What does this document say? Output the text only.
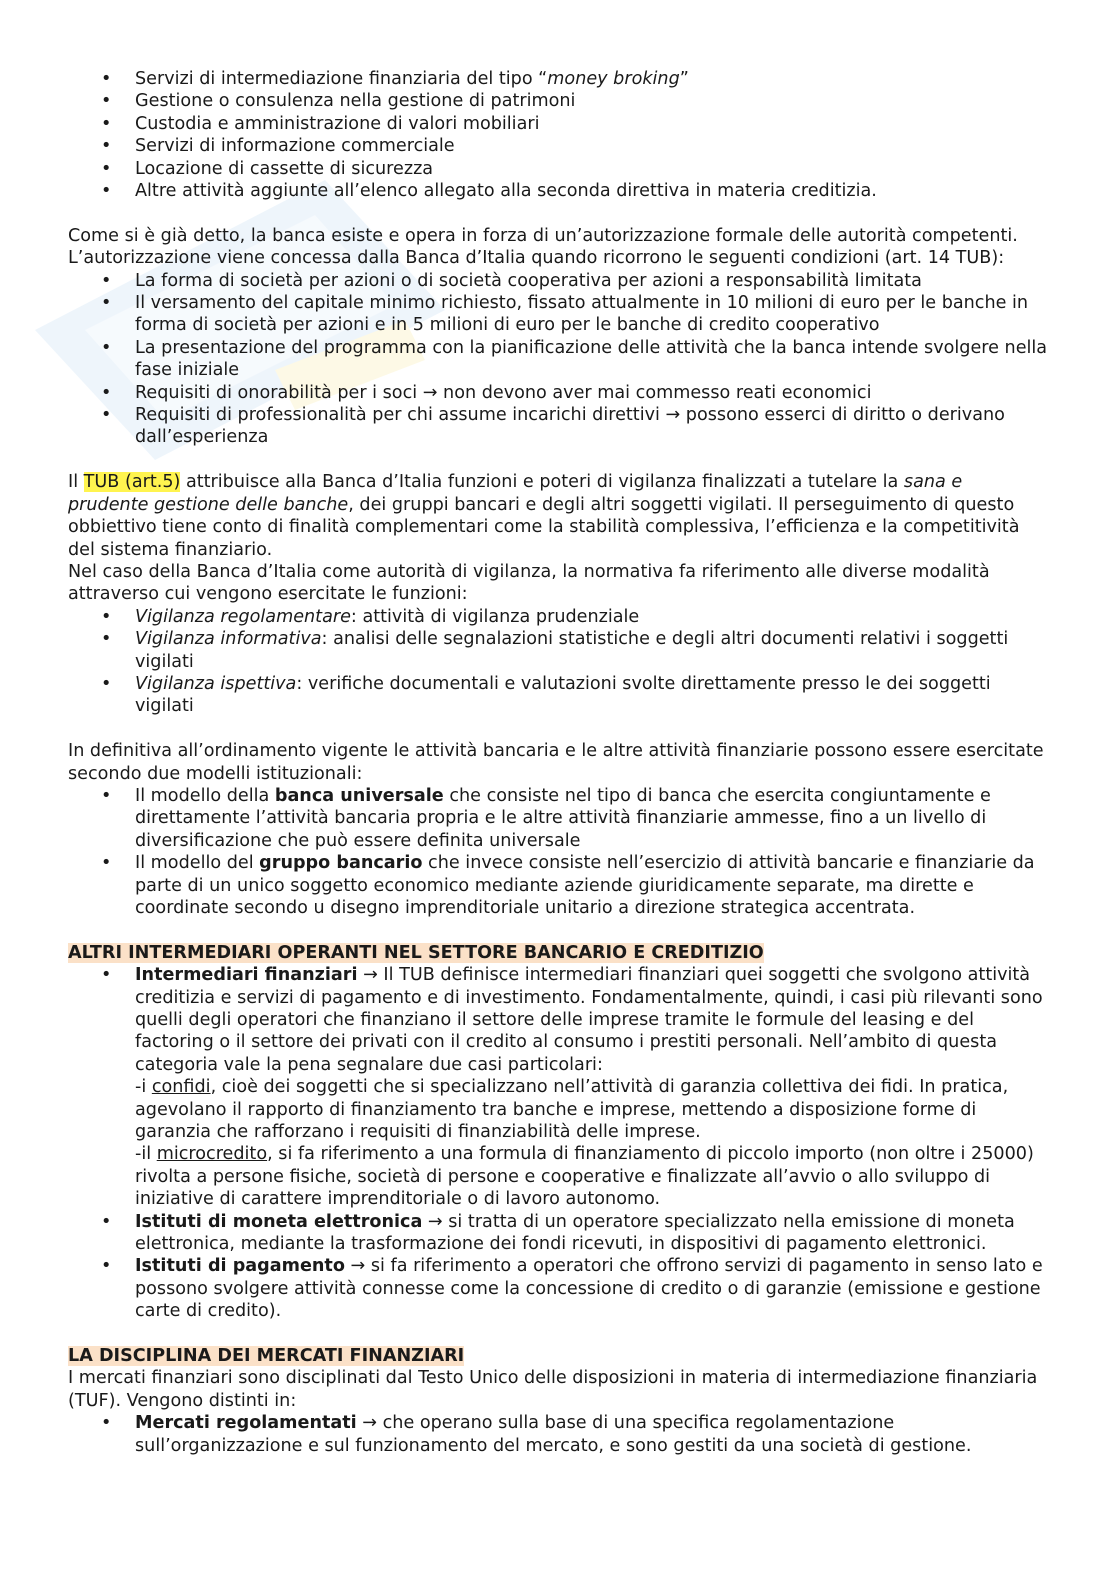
• Servizi di intermediazione finanziaria del tipo “money broking”
• Gestione o consulenza nella gestione di patrimoni
• Custodia e amministrazione di valori mobiliari
• Servizi di informazione commerciale
• Locazione di cassette di sicurezza
• Altre attività aggiunte all’elenco allegato alla seconda direttiva in materia creditizia.

Come si è già detto, la banca esiste e opera in forza di un’autorizzazione formale delle autorità competenti. L’autorizzazione viene concessa dalla Banca d’Italia quando ricorrono le seguenti condizioni (art. 14 TUB):

• La forma di società per azioni o di società cooperativa per azioni a responsabilità limitata
• Il versamento del capitale minimo richiesto, fissato attualmente in 10 milioni di euro per le banche in forma di società per azioni e in 5 milioni di euro per le banche di credito cooperativo
• La presentazione del programma con la pianificazione delle attività che la banca intende svolgere nella fase iniziale
• Requisiti di onorabilità per i soci → non devono aver mai commesso reati economici
• Requisiti di professionalità per chi assume incarichi direttivi → possono esserci di diritto o derivano dall’esperienza

Il TUB (art.5) attribuisce alla Banca d’Italia funzioni e poteri di vigilanza finalizzati a tutelare la sana e prudente gestione delle banche, dei gruppi bancari e degli altri soggetti vigilati. Il perseguimento di questo obbiettivo tiene conto di finalità complementari come la stabilità complessiva, l’efficienza e la competitività del sistema finanziario.

Nel caso della Banca d’Italia come autorità di vigilanza, la normativa fa riferimento alle diverse modalità attraverso cui vengono esercitate le funzioni:

• Vigilanza regolamentare: attività di vigilanza prudenziale
• Vigilanza informativa: analisi delle segnalazioni statistiche e degli altri documenti relativi i soggetti vigilati
• Vigilanza ispettiva: verifiche documentali e valutazioni svolte direttamente presso le dei soggetti vigilati

In definitiva all’ordinamento vigente le attività bancaria e le altre attività finanziarie possono essere esercitate secondo due modelli istituzionali:

• Il modello della banca universale che consiste nel tipo di banca che esercita congiuntamente e direttamente l’attività bancaria propria e le altre attività finanziarie ammesse, fino a un livello di diversificazione che può essere definita universale
• Il modello del gruppo bancario che invece consiste nell’esercizio di attività bancarie e finanziarie da parte di un unico soggetto economico mediante aziende giuridicamente separate, ma dirette e coordinate secondo u disegno imprenditoriale unitario a direzione strategica accentrata.

ALTRI INTERMEDIARI OPERANTI NEL SETTORE BANCARIO E CREDITIZIO

• Intermediari finanziari → Il TUB definisce intermediari finanziari quei soggetti che svolgono attività creditizia e servizi di pagamento e di investimento. Fondamentalmente, quindi, i casi più rilevanti sono quelli degli operatori che finanziano il settore delle imprese tramite le formule del leasing e del factoring o il settore dei privati con il credito al consumo i prestiti personali. Nell’ambito di questa categoria vale la pena segnalare due casi particolari:
-i confidi, cioè dei soggetti che si specializzano nell’attività di garanzia collettiva dei fidi. In pratica, agevolano il rapporto di finanziamento tra banche e imprese, mettendo a disposizione forme di garanzia che rafforzano i requisiti di finanziabilità delle imprese.
-il microcredito, si fa riferimento a una formula di finanziamento di piccolo importo (non oltre i 25000) rivolta a persone fisiche, società di persone e cooperative e finalizzate all’avvio o allo sviluppo di iniziative di carattere imprenditoriale o di lavoro autonomo.
• Istituti di moneta elettronica → si tratta di un operatore specializzato nella emissione di moneta elettronica, mediante la trasformazione dei fondi ricevuti, in dispositivi di pagamento elettronici.
• Istituti di pagamento → si fa riferimento a operatori che offrono servizi di pagamento in senso lato e possono svolgere attività connesse come la concessione di credito o di garanzie (emissione e gestione carte di credito).

LA DISCIPLINA DEI MERCATI FINANZIARI

I mercati finanziari sono disciplinati dal Testo Unico delle disposizioni in materia di intermediazione finanziaria (TUF). Vengono distinti in:

• Mercati regolamentati → che operano sulla base di una specifica regolamentazione sull’organizzazione e sul funzionamento del mercato, e sono gestiti da una società di gestione.
